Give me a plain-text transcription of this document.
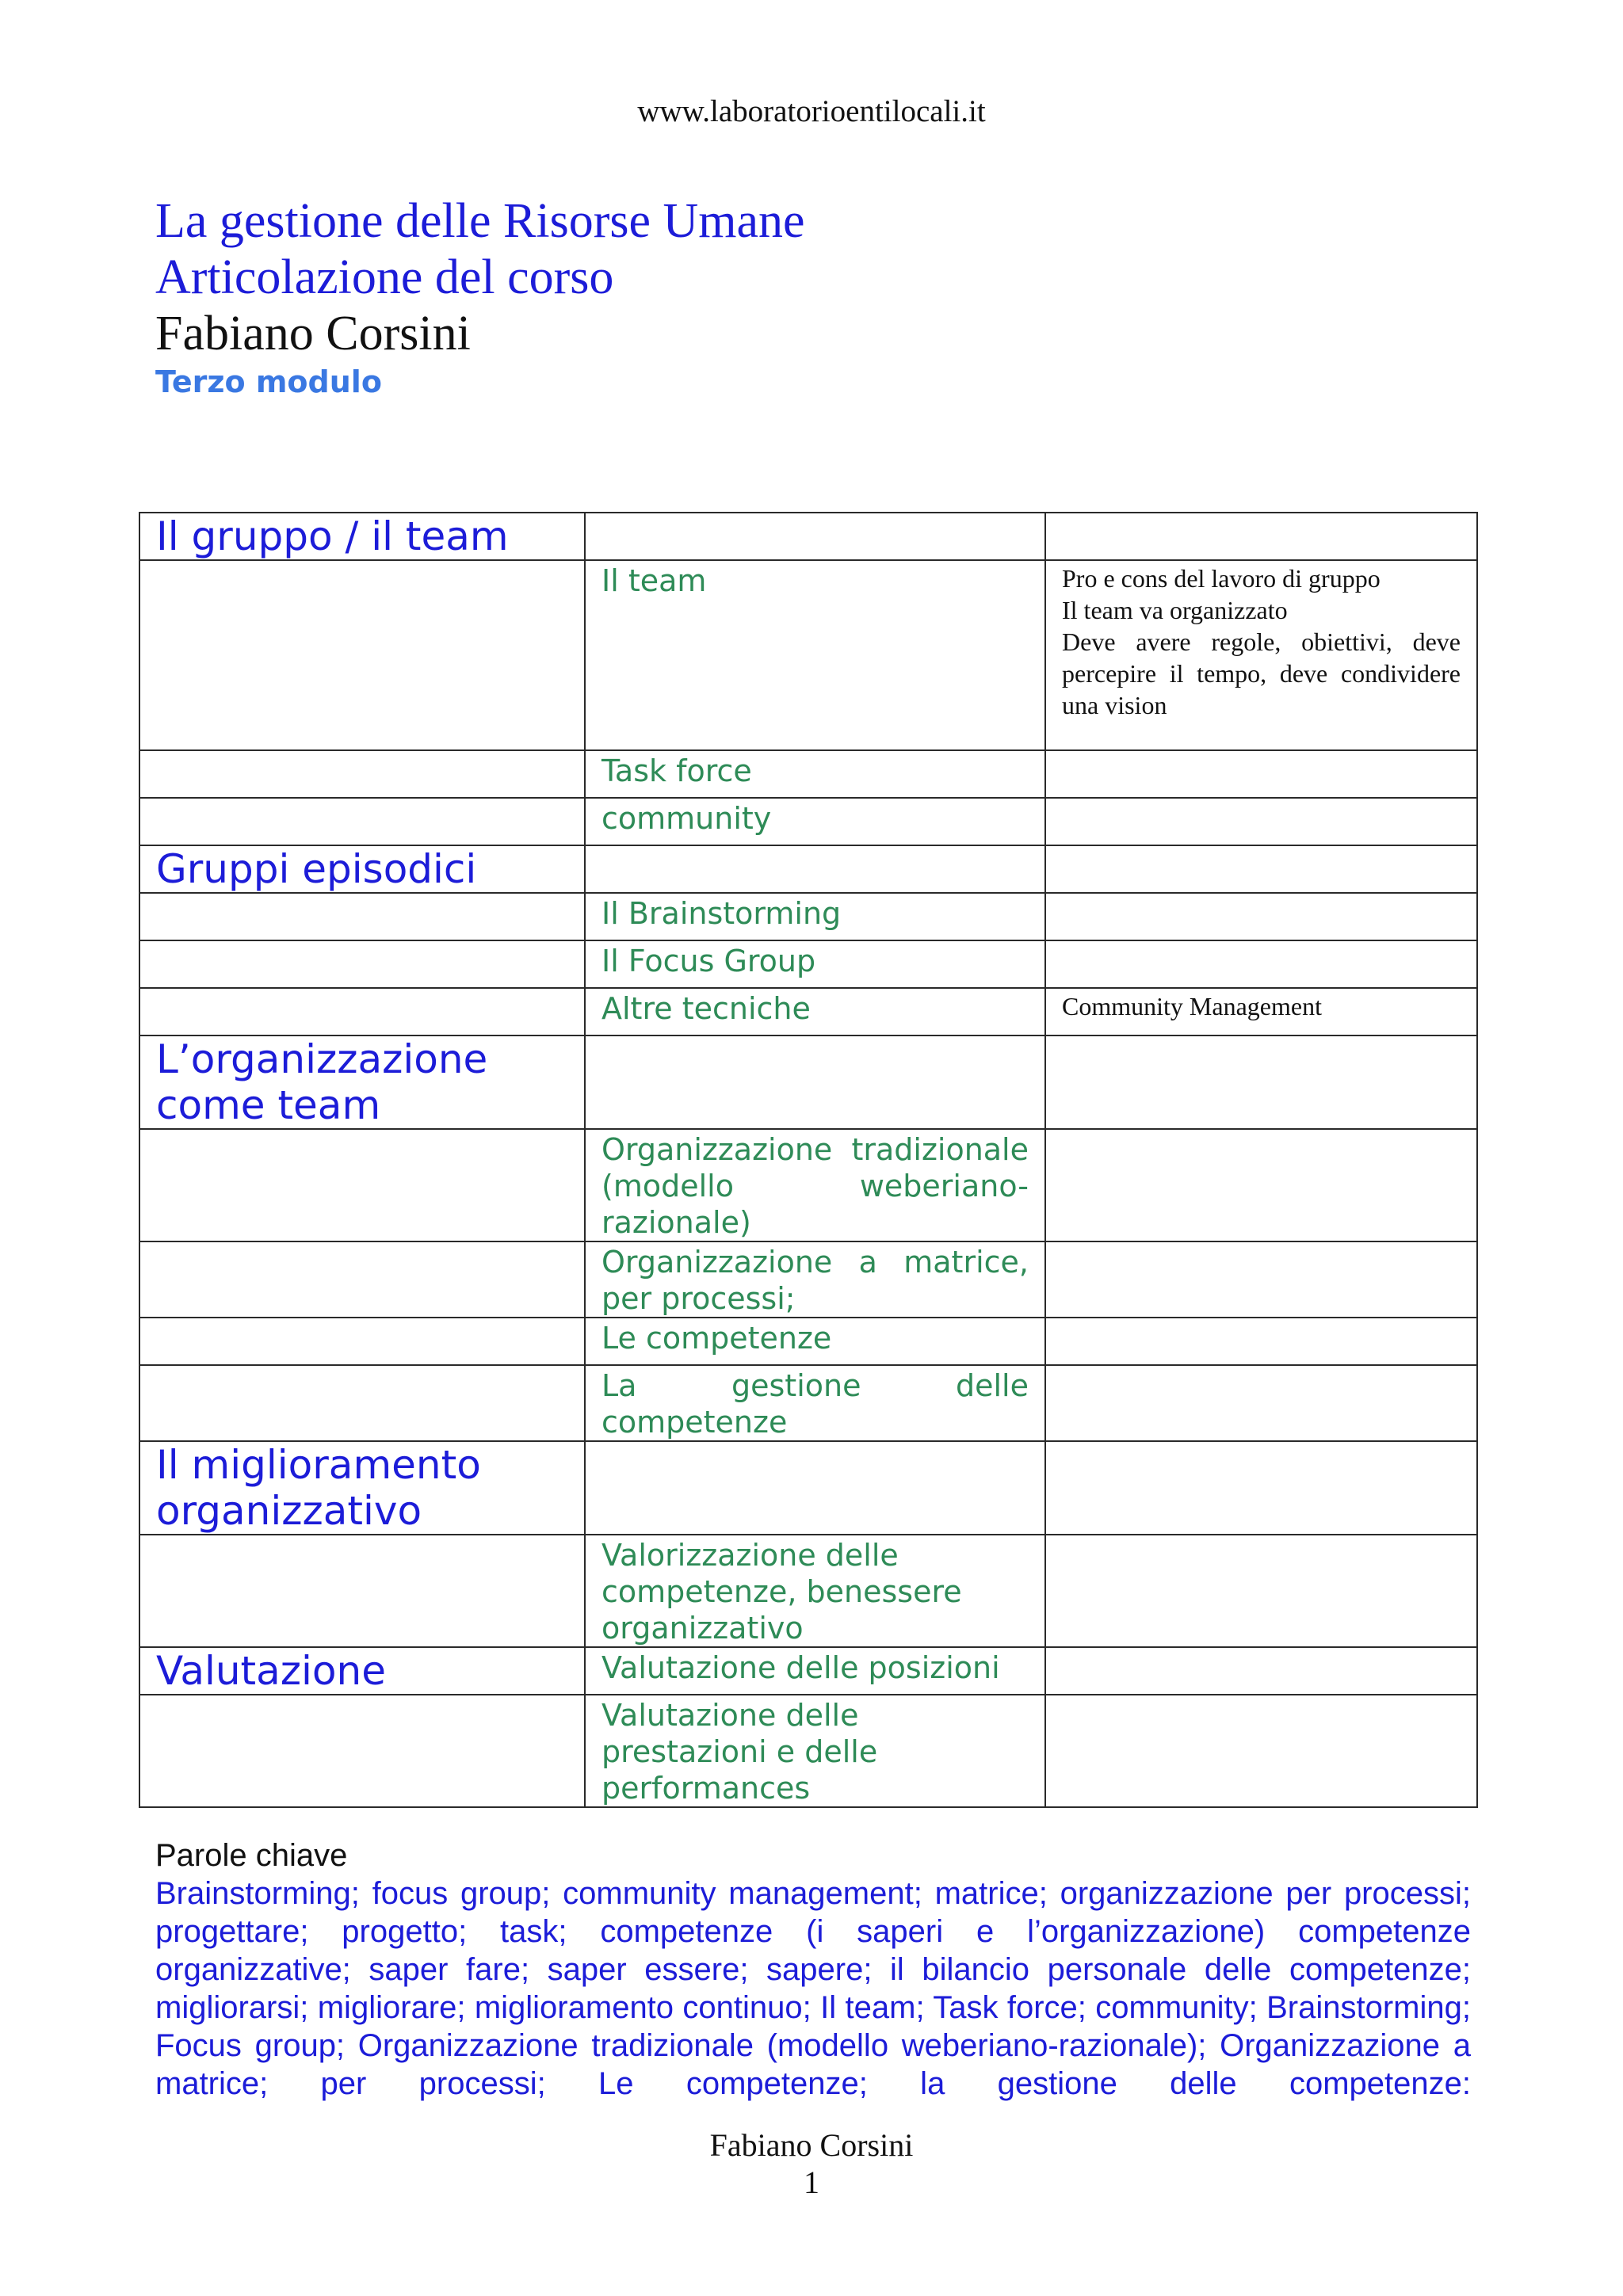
www.laboratorioentilocali.it
La gestione delle Risorse Umane
Articolazione del corso
Fabiano Corsini
Terzo modulo
Il gruppo / il team		

	Il team	Pro e cons del lavoro di gruppo
Il team va organizzato
Deve avere regole, obiettivi, deve percepire il tempo, deve condividere una vision

	Task force	

	community	

Gruppi episodici		

	Il Brainstorming	

	Il Focus Group	

	Altre tecniche	Community Management

L’organizzazione come team		

	Organizzazione tradizionale (modello weberiano-razionale)	

	Organizzazione a matrice, per processi;	

	Le competenze	

	La gestione delle competenze	

Il miglioramento organizzativo		

	Valorizzazione delle competenze, benessere organizzativo	

Valutazione	Valutazione delle posizioni	

	Valutazione delle prestazioni e delle performances	

Parole chiave
Brainstorming; focus group; community management; matrice; organizzazione per processi; progettare; progetto; task; competenze (i saperi e l’organizzazione) competenze organizzative; saper fare; saper essere; sapere; il bilancio personale delle competenze; migliorarsi; migliorare; miglioramento continuo; Il team; Task force; community; Brainstorming; Focus group; Organizzazione tradizionale (modello weberiano-razionale); Organizzazione a matrice; per processi; Le competenze; la gestione delle competenze:
Fabiano Corsini
1
